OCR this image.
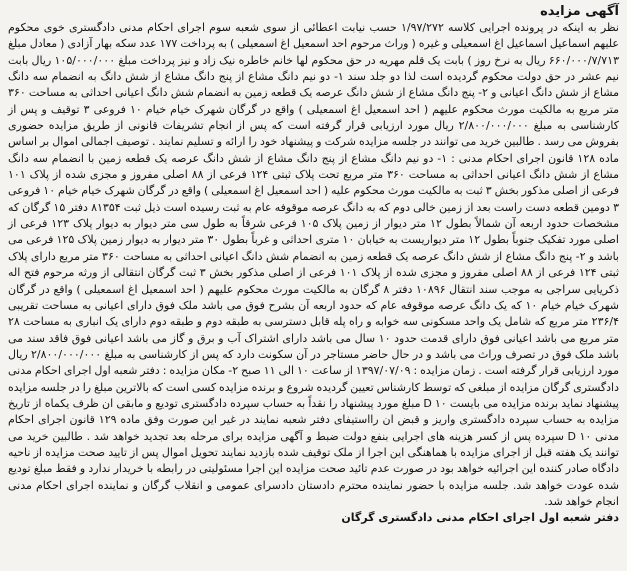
آگهی مزایده

نظر به اینکه در پرونده اجرایی کلاسه ۱/۹۷/۲۷۲ حسب نیابت اعطائی از سوی شعبه سوم اجرای احکام مدنی دادگستری خوی محکوم علیهم اسماعیل اسماعیل اغ اسمعیلی و غیره ( وراث مرحوم احد اسمعیل اغ اسمعیلی ) به پرداخت ۱۷۷ عدد سکه بهار آزادی ( معادل مبلغ ۶۶۰/۰۰۰/۷/۷۱۳ ریال به نرخ روز ) بابت یک قلم مهریه در حق محکوم لها خانم خاطره نیک زاد و نیز پرداخت مبلغ ۱۰۵/۰۰۰/۰۰۰ ریال بابت نیم عشر در حق دولت محکوم گردیده است لذا دو جلد سند ۱- دو نیم دانگ مشاع از پنج دانگ مشاع از شش دانگ به انضمام سه دانگ مشاع از شش دانگ اعیانی و ۲- پنج دانگ مشاع از شش دانگ عرصه یک قطعه زمین به انضمام شش دانگ اعیانی احداثی به مساحت ۳۶۰ متر مربع به مالکیت مورث محکوم علیهم ( احد اسمعیل اغ اسمعیلی ) واقع در گرگان شهرک خیام خیام ۱۰ فروعی ۳ توقیف و پس از کارشناسی به مبلغ ۲/۸۰۰/۰۰۰/۰۰۰ ریال مورد ارزیابی قرار گرفته است که پس از انجام تشریفات قانونی از طریق مزایده حضوری بفروش می رسد . طالبین خرید می توانند در جلسه مزایده شرکت و پیشنهاد خود را ارائه و تسلیم نمایند . توصیف اجمالی اموال بر اساس ماده ۱۲۸ قانون اجرای احکام مدنی : ۱- دو نیم دانگ مشاع از پنج دانگ مشاع از شش دانگ عرصه یک قطعه زمین با انضمام سه دانگ مشاع از شش دانگ اعیانی احداثی به مساحت ۳۶۰ متر مربع تحت پلاک ثبتی ۱۲۴ فرعی از ۸۸ اصلی مفروز و مجزی شده از پلاک ۱۰۱ فرعی از اصلی مذکور بخش ۳ ثبت به مالکیت مورث محکوم علیه ( احد اسمعیل اغ اسمعیلی ) واقع در گرگان شهرک خیام خیام ۱۰ فروعی ۳ دومین قطعه دست راست بعد از زمین خالی دوم که به دانگ عرصه موقوفه عام به ثبت رسیده است ذیل ثبت ۸۱۳۵۴ دفتر ۱۵ گرگان که مشخصات حدود اربعه آن شمالاً بطول ۱۲ متر دیوار از زمین پلاک ۱۰۵ فرعی شرقاً به طول سی متر دیوار به دیوار پلاک ۱۲۳ فرعی از اصلی مورد تفکیک جنوباً بطول ۱۲ متر دیواریست به خیابان ۱۰ متری احداثی و غرباً بطول ۳۰ متر دیوار به دیوار زمین پلاک ۱۲۵ فرعی می باشد و ۲- پنج دانگ مشاع از شش دانگ عرصه یک قطعه زمین به انضمام شش دانگ اعیانی احداثی به مساحت ۳۶۰ متر مربع دارای پلاک ثبتی ۱۲۴ فرعی از ۸۸ اصلی مفروز و مجزی شده از پلاک ۱۰۱ فرعی از اصلی مذکور بخش ۳ ثبت گرگان انتقالی از ورثه مرحوم فتح اله ذکریایی سراجی به موجب سند انتقال ۱۰۸۹۶ دفتر ۸ گرگان به مالکیت مورث محکوم علیهم ( احد اسمعیل اغ اسمعیلی ) واقع در گرگان شهرک خیام خیام ۱۰ که یک دانگ عرصه موقوفه عام که حدود اربعه آن بشرح فوق می باشد ملک فوق دارای اعیانی به مساحت تقریبی ۲۳۶/۴ متر مربع که شامل یک واحد مسکونی سه خوابه و راه پله قابل دسترسی به طبقه دوم و طبقه دوم دارای یک انباری به مساحت ۲۸ متر مربع می باشد اعیانی فوق دارای قدمت حدود ۱۰ سال می باشد دارای اشتراک آب و برق و گاز می باشد اعیانی فوق فاقد سند می باشد ملک فوق در تصرف وراث می باشد و در حال حاضر مستاجر در آن سکونت دارد که پس از کارشناسی به مبلغ ۲/۸۰۰/۰۰۰/۰۰۰ ریال مورد ارزیابی قرار گرفته است . زمان مزایده : ۱۳۹۷/۰۷/۰۹ از ساعت ۱۰ الی ۱۱ صبح ۲- مکان مزایده : دفتر شعبه اول اجرای احکام مدنی دادگستری گرگان مزایده از مبلغی که توسط کارشناس تعیین گردیده شروع و برنده مزایده کسی است که بالاترین مبلغ را در جلسه مزایده پیشنهاد نماید برنده مزایده می بایست ۱۰ D مبلغ مورد پیشنهاد را نقداً به حساب سپرده دادگستری تودیع و مابقی ان ظرف یکماه از تاریخ مزایده به حساب سپرده دادگستری واریز و قبض ان رااستیفای دفتر شعبه نمایند در غیر این صورت وفق ماده ۱۲۹ قانون اجرای احکام مدنی ۱۰ D سپرده پس از کسر هزینه های اجرایی بنفع دولت ضبط و آگهی مزایده برای مرحله بعد تجدید خواهد شد . طالبین خرید می توانند یک هفته قبل از اجرای مزایده با هماهنگی این اجرا از ملک توقیف شده بازدید نمایند تحویل اموال پس از تایید صحت مزایده از ناحیه دادگاه صادر کننده این اجرائیه خواهد بود در صورت عدم تائید صحت مزایده این اجرا مسئولیتی در رابطه با خریدار ندارد و فقط مبلغ تودیع شده عودت خواهد شد. جلسه مزایده با حضور نماینده محترم دادستان دادسرای عمومی و انقلاب گرگان و نماینده اجرای احکام مدنی انجام خواهد شد.

دفتر شعبه اول اجرای احکام مدنی دادگستری گرگان
